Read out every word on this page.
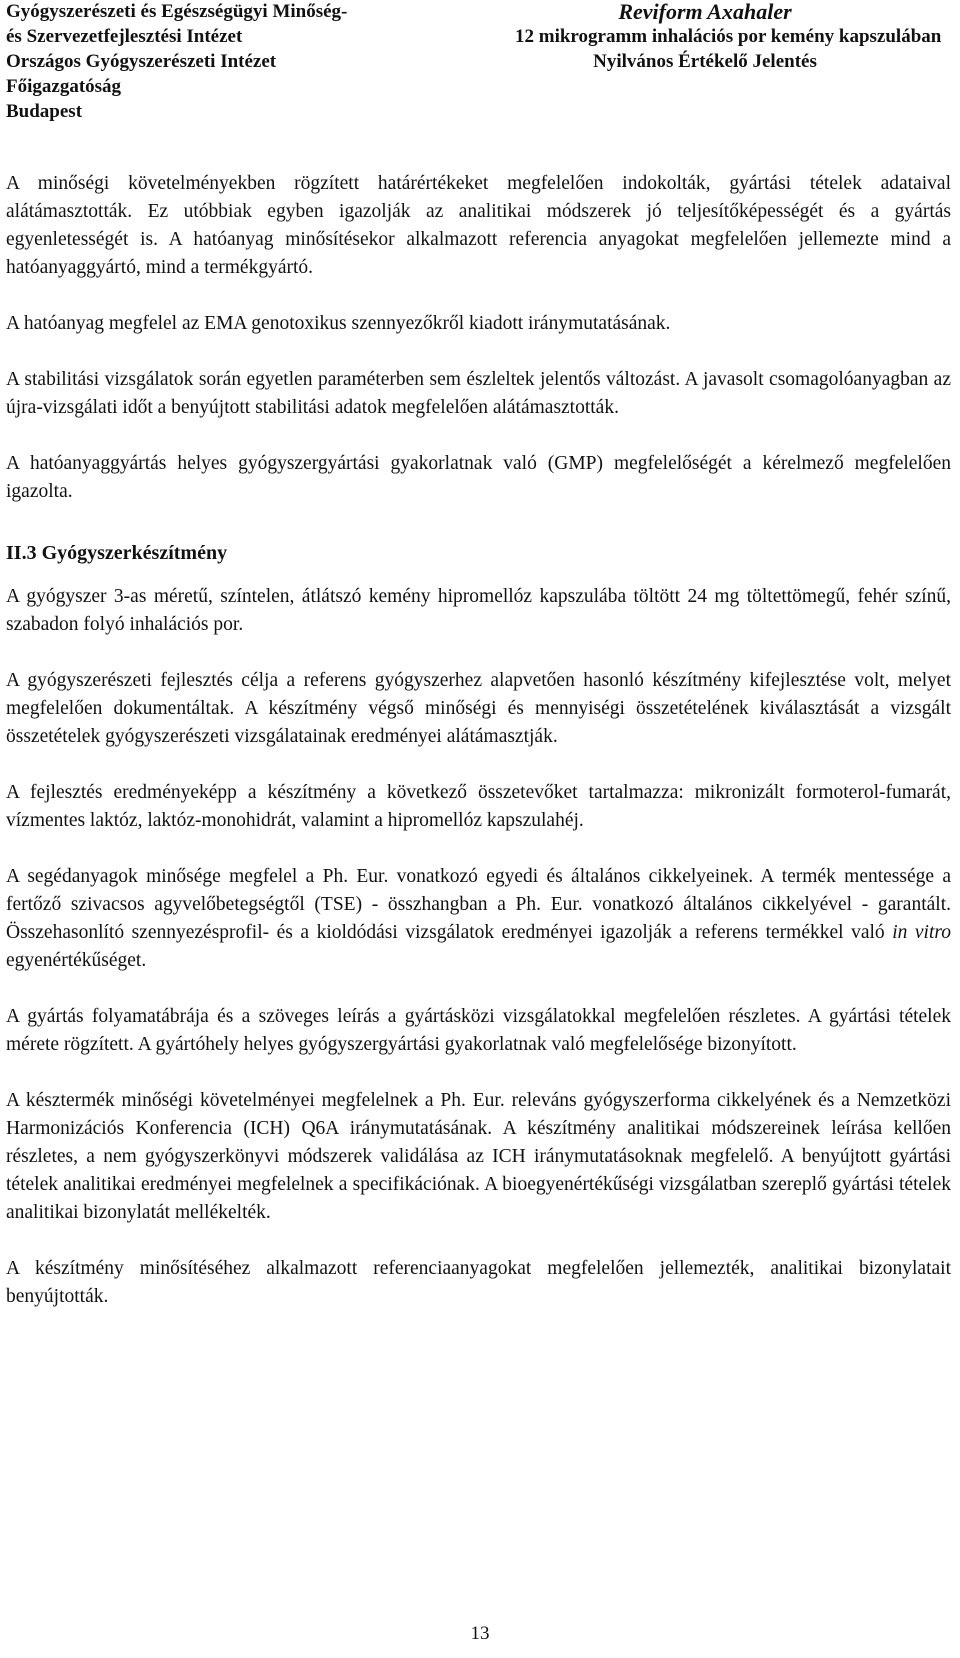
Gyógyszerészeti és Egészségügyi Minőség-
és Szervezetfejlesztési Intézet
Országos Gyógyszerészeti Intézet
Főigazgatóság
Budapest
Reviform Axahaler
12 mikrogramm inhalációs por kemény kapszulában
Nyilvános Értékelő Jelentés

A minőségi követelményekben rögzített határértékeket megfelelően indokolták, gyártási tételek adataival alátámasztották. Ez utóbbiak egyben igazolják az analitikai módszerek jó teljesítőképességét és a gyártás egyenletességét is. A hatóanyag minősítésekor alkalmazott referencia anyagokat megfelelően jellemezte mind a hatóanyaggyártó, mind a termékgyártó.

A hatóanyag megfelel az EMA genotoxikus szennyezőkről kiadott iránymutatásának.

A stabilitási vizsgálatok során egyetlen paraméterben sem észleltek jelentős változást. A javasolt csomagolóanyagban az újra-vizsgálati időt a benyújtott stabilitási adatok megfelelően alátámasztották.

A hatóanyaggyártás helyes gyógyszergyártási gyakorlatnak való (GMP) megfelelőségét a kérelmező megfelelően igazolta.

II.3 Gyógyszerkészítmény

A gyógyszer 3-as méretű, színtelen, átlátszó kemény hipromellóz kapszulába töltött 24 mg töltettömegű, fehér színű, szabadon folyó inhalációs por.

A gyógyszerészeti fejlesztés célja a referens gyógyszerhez alapvetően hasonló készítmény kifejlesztése volt, melyet megfelelően dokumentáltak. A készítmény végső minőségi és mennyiségi összetételének kiválasztását a vizsgált összetételek gyógyszerészeti vizsgálatainak eredményei alátámasztják.

A fejlesztés eredményeképp a készítmény a következő összetevőket tartalmazza: mikronizált formoterol-fumarát, vízmentes laktóz, laktóz-monohidrát, valamint a hipromellóz kapszulahéj.

A segédanyagok minősége megfelel a Ph. Eur. vonatkozó egyedi és általános cikkelyeinek. A termék mentessége a fertőző szivacsos agyvelőbetegségtől (TSE) - összhangban a Ph. Eur. vonatkozó általános cikkelyével - garantált. Összehasonlító szennyezésprofil- és a kioldódási vizsgálatok eredményei igazolják a referens termékkel való in vitro egyenértékűséget.

A gyártás folyamatábrája és a szöveges leírás a gyártásközi vizsgálatokkal megfelelően részletes. A gyártási tételek mérete rögzített. A gyártóhely helyes gyógyszergyártási gyakorlatnak való megfelelősége bizonyított.

A késztermék minőségi követelményei megfelelnek a Ph. Eur. releváns gyógyszerforma cikkelyének és a Nemzetközi Harmonizációs Konferencia (ICH) Q6A iránymutatásának. A készítmény analitikai módszereinek leírása kellően részletes, a nem gyógyszerkönyvi módszerek validálása az ICH iránymutatásoknak megfelelő. A benyújtott gyártási tételek analitikai eredményei megfelelnek a specifikációnak. A bioegyenértékűségi vizsgálatban szereplő gyártási tételek analitikai bizonylatát mellékelték.

A készítmény minősítéséhez alkalmazott referenciaanyagokat megfelelően jellemezték, analitikai bizonylatait benyújtották.

13
